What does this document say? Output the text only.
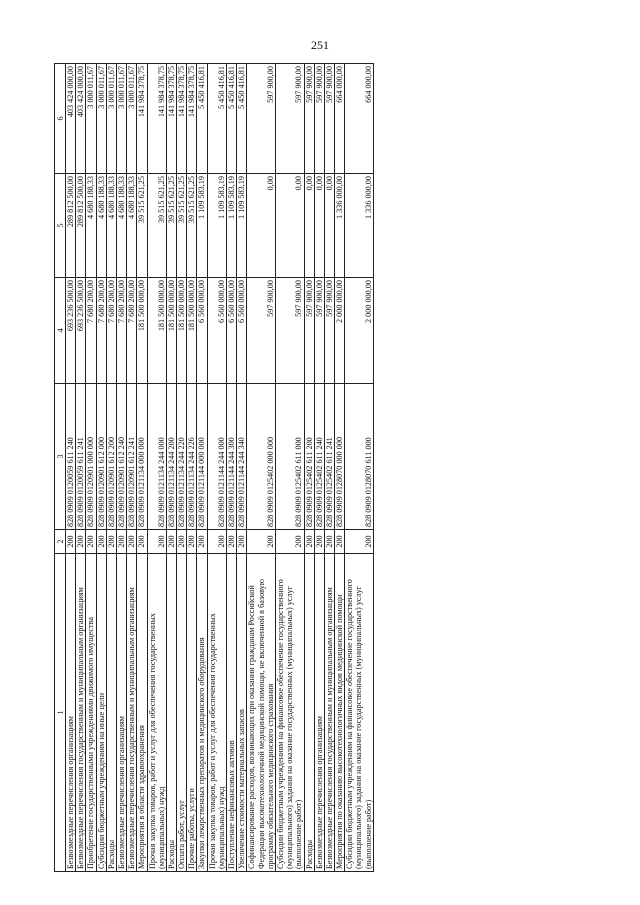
251
1	2	3	4	5	6
Безвозмездные перечисления организациям	200	828 0909 0120059 611 240	693 236 500,00	289 812 500,00	403 424 000,00
Безвозмездные перечисления государственным и муниципальным организациям	200	828 0909 0120059 611 241	693 236 500,00	289 812 500,00	403 424 000,00
Приобретение государственными учреждениями движимого имущества	200	828 0909 0120901 000 000	7 680 200,00	4 680 188,33	3 000 011,67
Субсидии бюджетным учреждениям на иные цели	200	828 0909 0120901 612 000	7 680 200,00	4 680 188,33	3 000 011,67
Расходы	200	828 0909 0120901 612 200	7 680 200,00	4 680 188,33	3 000 011,67
Безвозмездные перечисления организациям	200	828 0909 0120901 612 240	7 680 200,00	4 680 188,33	3 000 011,67
Безвозмездные перечисления государственным и муниципальным организациям	200	828 0909 0120901 612 241	7 680 200,00	4 680 188,33	3 000 011,67
Мероприятия в области здравоохранения	200	828 0909 0121134 000 000	181 500 000,00	39 515 621,25	141 984 378,75
Прочая закупка товаров, работ и услуг для обеспечения государственных (муниципальных) нужд	200	828 0909 0121134 244 000	181 500 000,00	39 515 621,25	141 984 378,75
Расходы	200	828 0909 0121134 244 200	181 500 000,00	39 515 621,25	141 984 378,75
Оплата работ, услуг	200	828 0909 0121134 244 220	181 500 000,00	39 515 621,25	141 984 378,75
Прочие работы, услуги	200	828 0909 0121134 244 226	181 500 000,00	39 515 621,25	141 984 378,75
Закупки лекарственных препаратов и медицинского оборудования	200	828 0909 0121144 000 000	6 560 000,00	1 109 583,19	5 450 416,81
Прочая закупка товаров, работ и услуг для обеспечения государственных (муниципальных) нужд	200	828 0909 0121144 244 000	6 560 000,00	1 109 583,19	5 450 416,81
Поступление нефинансовых активов	200	828 0909 0121144 244 300	6 560 000,00	1 109 583,19	5 450 416,81
Увеличение стоимости материальных запасов	200	828 0909 0121144 244 340	6 560 000,00	1 109 583,19	5 450 416,81
Софинансирование расходов, возникающих при оказании гражданам Российской Федерации высокотехнологичной медицинской помощи, не включенной в базовую программу обязательного медицинского страхования	200	828 0909 0125402 000 000	597 900,00	0,00	597 900,00
Субсидии бюджетным учреждениям на финансовое обеспечение государственного (муниципального) задания на оказание государственных (муниципальных) услуг (выполнение работ)	200	828 0909 0125402 611 000	597 900,00	0,00	597 900,00
Расходы	200	828 0909 0125402 611 200	597 900,00	0,00	597 900,00
Безвозмездные перечисления организациям	200	828 0909 0125402 611 240	597 900,00	0,00	597 900,00
Безвозмездные перечисления государственным и муниципальным организациям	200	828 0909 0125402 611 241	597 900,00	0,00	597 900,00
Мероприятия по оказанию высокотехнологичных видов медицинской помощи	200	828 0909 0128070 000 000	2 000 000,00	1 336 000,00	664 000,00
Субсидии бюджетным учреждениям на финансовое обеспечение государственного (муниципального) задания на оказание государственных (муниципальных) услуг (выполнение работ)	200	828 0909 0128070 611 000	2 000 000,00	1 336 000,00	664 000,00
